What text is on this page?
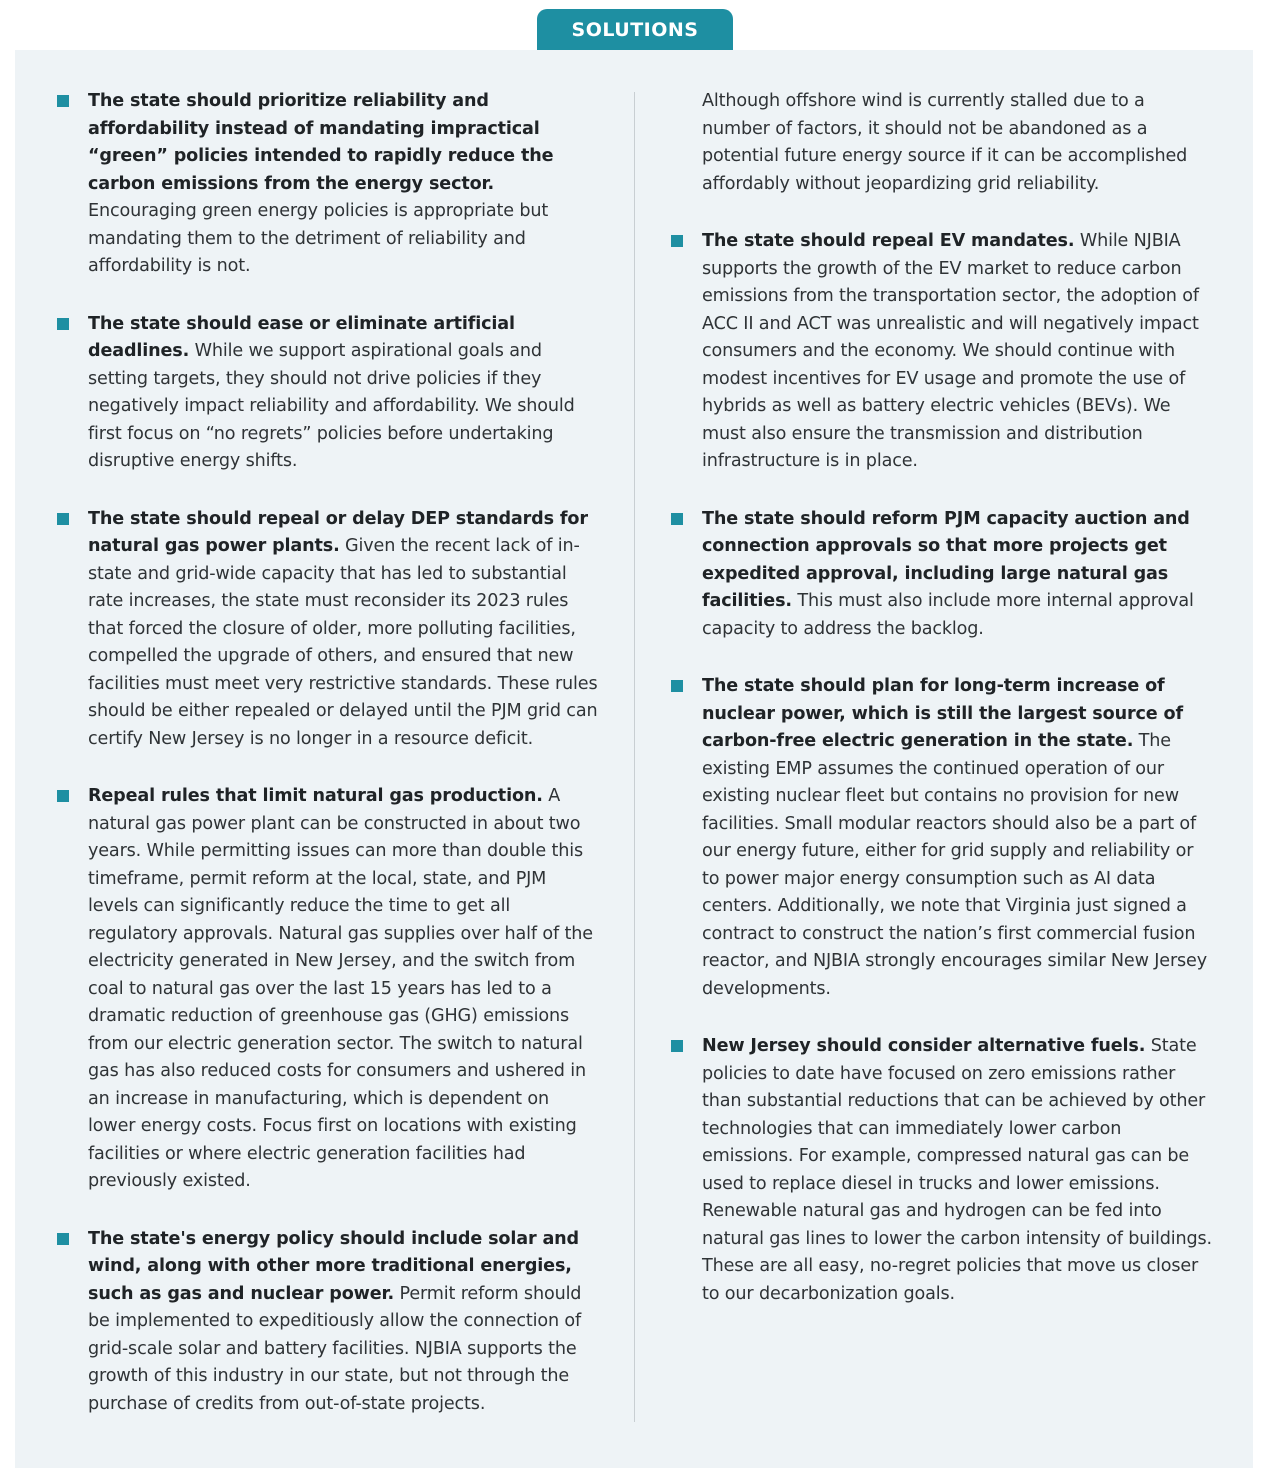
SOLUTIONS
The state should prioritize reliability and affordability instead of mandating impractical “green” policies intended to rapidly reduce the carbon emissions from the energy sector. Encouraging green energy policies is appropriate but mandating them to the detriment of reliability and affordability is not.
The state should ease or eliminate artificial deadlines. While we support aspirational goals and setting targets, they should not drive policies if they negatively impact reliability and affordability. We should first focus on “no regrets” policies before undertaking disruptive energy shifts.
The state should repeal or delay DEP standards for natural gas power plants. Given the recent lack of in-state and grid-wide capacity that has led to substantial rate increases, the state must reconsider its 2023 rules that forced the closure of older, more polluting facilities, compelled the upgrade of others, and ensured that new facilities must meet very restrictive standards. These rules should be either repealed or delayed until the PJM grid can certify New Jersey is no longer in a resource deficit.
Repeal rules that limit natural gas production. A natural gas power plant can be constructed in about two years. While permitting issues can more than double this timeframe, permit reform at the local, state, and PJM levels can significantly reduce the time to get all regulatory approvals. Natural gas supplies over half of the electricity generated in New Jersey, and the switch from coal to natural gas over the last 15 years has led to a dramatic reduction of greenhouse gas (GHG) emissions from our electric generation sector. The switch to natural gas has also reduced costs for consumers and ushered in an increase in manufacturing, which is dependent on lower energy costs. Focus first on locations with existing facilities or where electric generation facilities had previously existed.
The state's energy policy should include solar and wind, along with other more traditional energies, such as gas and nuclear power. Permit reform should be implemented to expeditiously allow the connection of grid-scale solar and battery facilities. NJBIA supports the growth of this industry in our state, but not through the purchase of credits from out-of-state projects.
Although offshore wind is currently stalled due to a number of factors, it should not be abandoned as a potential future energy source if it can be accomplished affordably without jeopardizing grid reliability.
The state should repeal EV mandates. While NJBIA supports the growth of the EV market to reduce carbon emissions from the transportation sector, the adoption of ACC II and ACT was unrealistic and will negatively impact consumers and the economy. We should continue with modest incentives for EV usage and promote the use of hybrids as well as battery electric vehicles (BEVs). We must also ensure the transmission and distribution infrastructure is in place.
The state should reform PJM capacity auction and connection approvals so that more projects get expedited approval, including large natural gas facilities. This must also include more internal approval capacity to address the backlog.
The state should plan for long-term increase of nuclear power, which is still the largest source of carbon-free electric generation in the state. The existing EMP assumes the continued operation of our existing nuclear fleet but contains no provision for new facilities. Small modular reactors should also be a part of our energy future, either for grid supply and reliability or to power major energy consumption such as AI data centers. Additionally, we note that Virginia just signed a contract to construct the nation’s first commercial fusion reactor, and NJBIA strongly encourages similar New Jersey developments.
New Jersey should consider alternative fuels. State policies to date have focused on zero emissions rather than substantial reductions that can be achieved by other technologies that can immediately lower carbon emissions. For example, compressed natural gas can be used to replace diesel in trucks and lower emissions. Renewable natural gas and hydrogen can be fed into natural gas lines to lower the carbon intensity of buildings. These are all easy, no-regret policies that move us closer to our decarbonization goals.
